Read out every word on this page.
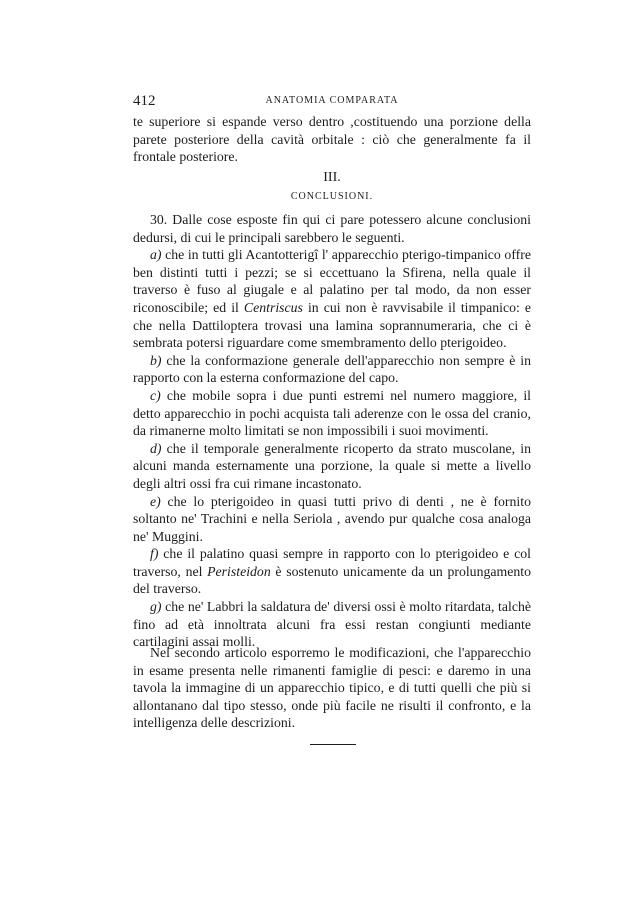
412	ANATOMIA COMPARATA

te superiore si espande verso dentro ,costituendo una porzione della parete posteriore della cavità orbitale : ciò che generalmente fa il frontale posteriore.

III.
CONCLUSIONI.

30. Dalle cose esposte fin qui ci pare potessero alcune conclusioni dedursi, di cui le principali sarebbero le seguenti.

a) che in tutti gli Acantotterigî l' apparecchio pterigo-timpanico offre ben distinti tutti i pezzi; se si eccettuano la Sfirena, nella quale il traverso è fuso al giugale e al palatino per tal modo, da non esser riconoscibile; ed il Centriscus in cui non è ravvisabile il timpanico: e che nella Dattiloptera trovasi una lamina soprannumeraria, che ci è sembrata potersi riguardare come smembramento dello pterigoideo.

b) che la conformazione generale dell'apparecchio non sempre è in rapporto con la esterna conformazione del capo.

c) che mobile sopra i due punti estremi nel numero maggiore, il detto apparecchio in pochi acquista tali aderenze con le ossa del cranio, da rimanerne molto limitati se non impossibili i suoi movimenti.

d) che il temporale generalmente ricoperto da strato muscolane, in alcuni manda esternamente una porzione, la quale si mette a livello degli altri ossi fra cui rimane incastonato.

e) che lo pterigoideo in quasi tutti privo di denti , ne è fornito soltanto ne' Trachini e nella Seriola , avendo pur qualche cosa analoga ne' Muggini.

f) che il palatino quasi sempre in rapporto con lo pterigoideo e col traverso, nel Peristeidon è sostenuto unicamente da un prolungamento del traverso.

g) che ne' Labbri la saldatura de' diversi ossi è molto ritardata, talchè fino ad età innoltrata alcuni fra essi restan congiunti mediante cartilagini assai molli.

Nel secondo articolo esporremo le modificazioni, che l'apparecchio in esame presenta nelle rimanenti famiglie di pesci: e daremo in una tavola la immagine di un apparecchio tipico, e di tutti quelli che più si allontanano dal tipo stesso, onde più facile ne risulti il confronto, e la intelligenza delle descrizioni.
